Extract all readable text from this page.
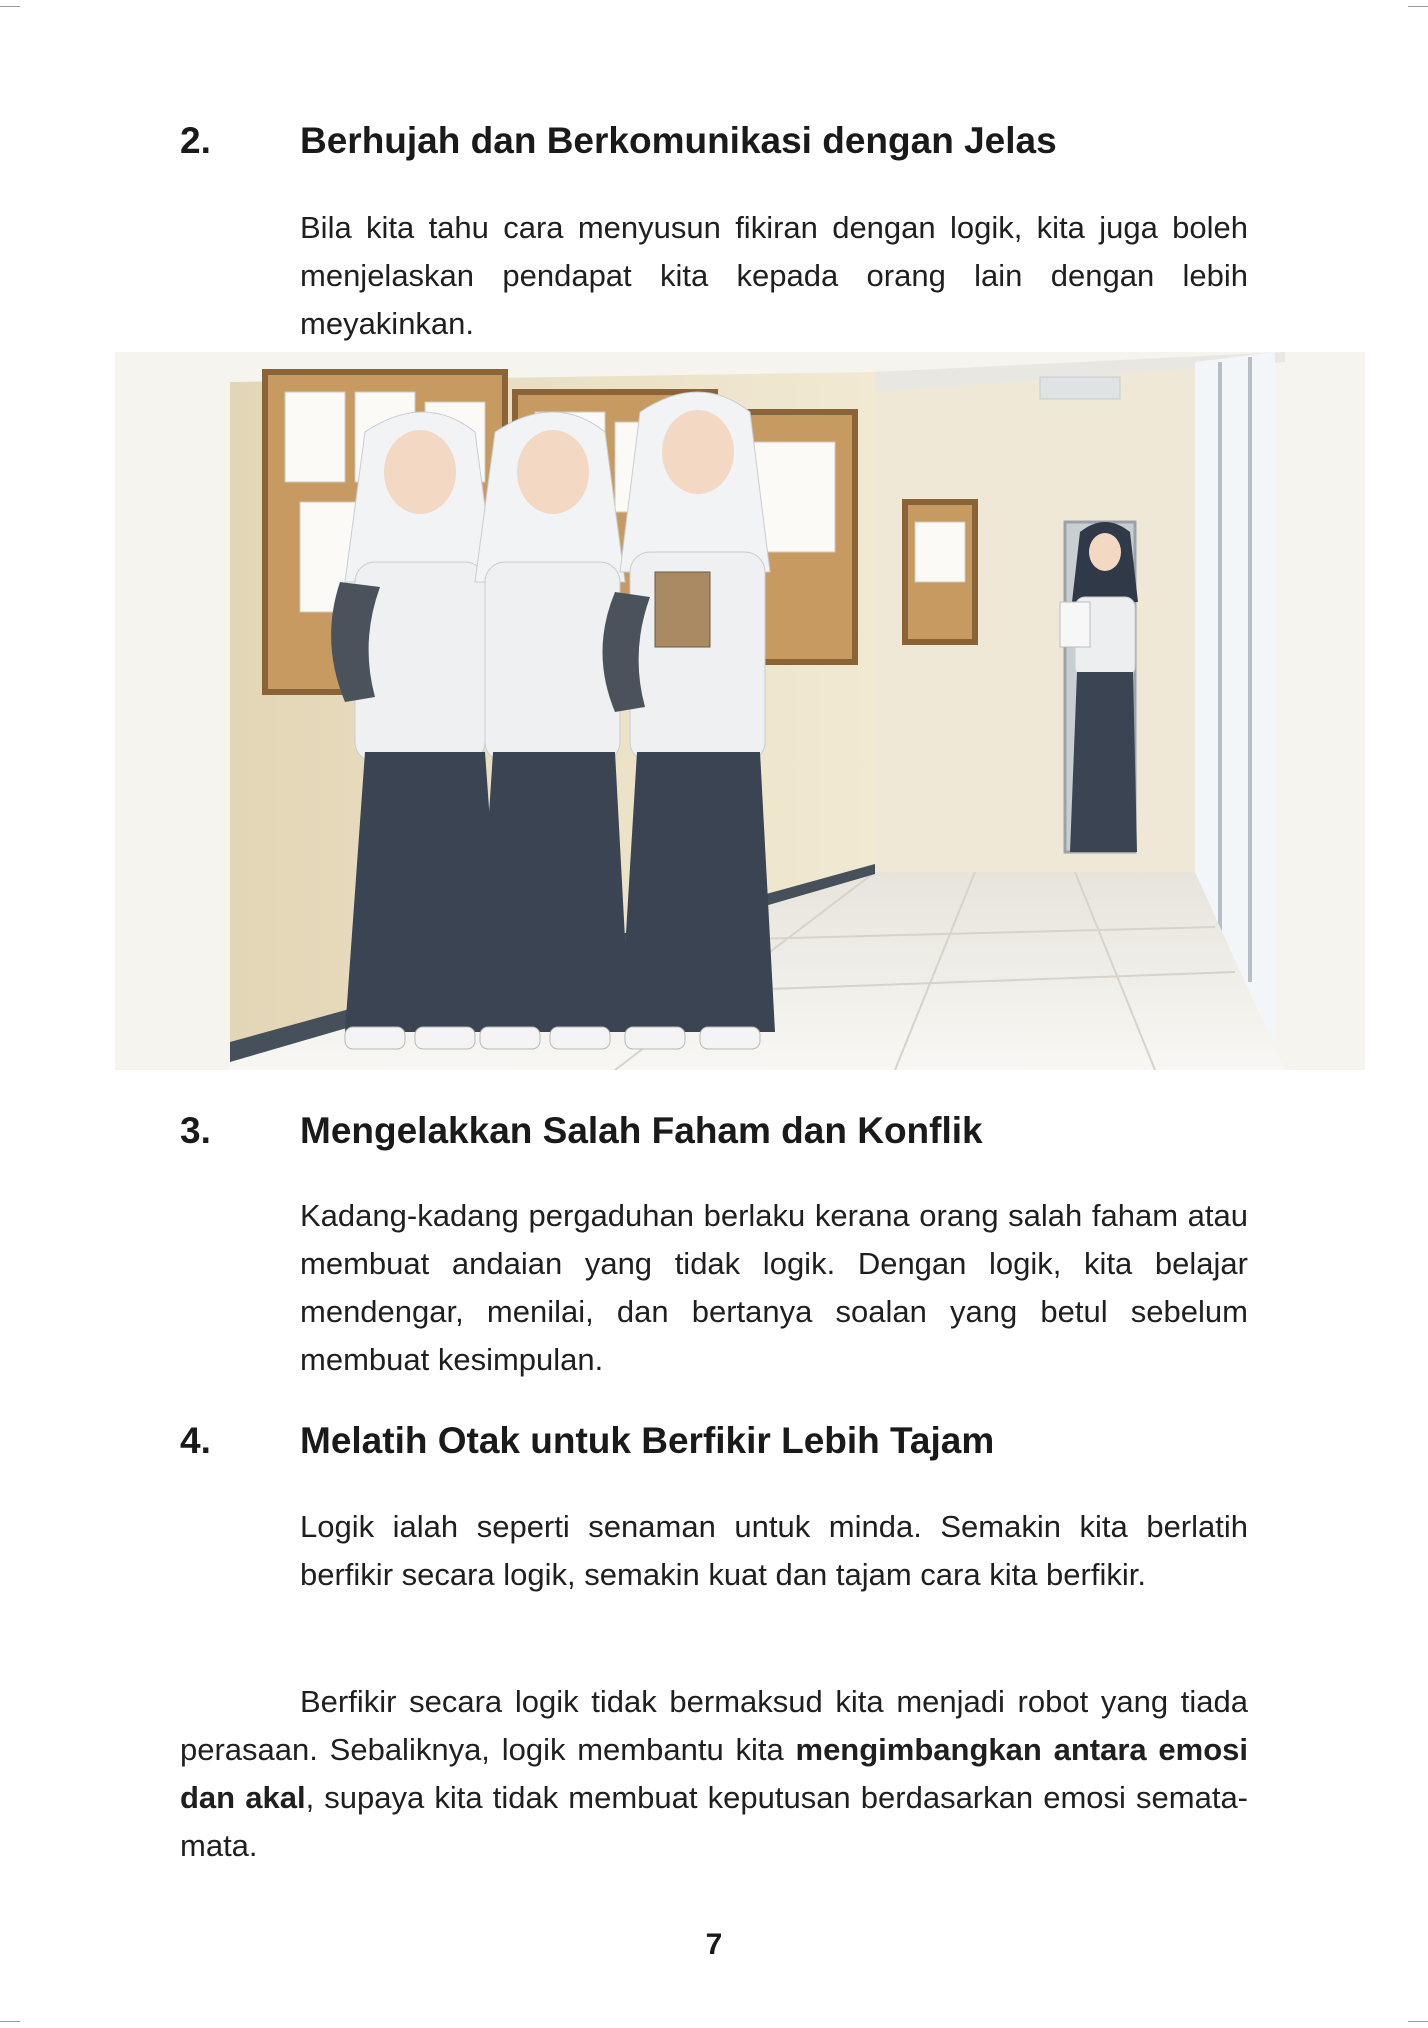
2. Berhujah dan Berkomunikasi dengan Jelas

Bila kita tahu cara menyusun fikiran dengan logik, kita juga boleh menjelaskan pendapat kita kepada orang lain dengan lebih meyakinkan.

3. Mengelakkan Salah Faham dan Konflik

Kadang-kadang pergaduhan berlaku kerana orang salah faham atau membuat andaian yang tidak logik. Dengan logik, kita belajar mendengar, menilai, dan bertanya soalan yang betul sebelum membuat kesimpulan.

4. Melatih Otak untuk Berfikir Lebih Tajam

Logik ialah seperti senaman untuk minda. Semakin kita berlatih berfikir secara logik, semakin kuat dan tajam cara kita berfikir.

Berfikir secara logik tidak bermaksud kita menjadi robot yang tiada perasaan. Sebaliknya, logik membantu kita mengimbangkan antara emosi dan akal, supaya kita tidak membuat keputusan berdasarkan emosi semata-mata.

7
